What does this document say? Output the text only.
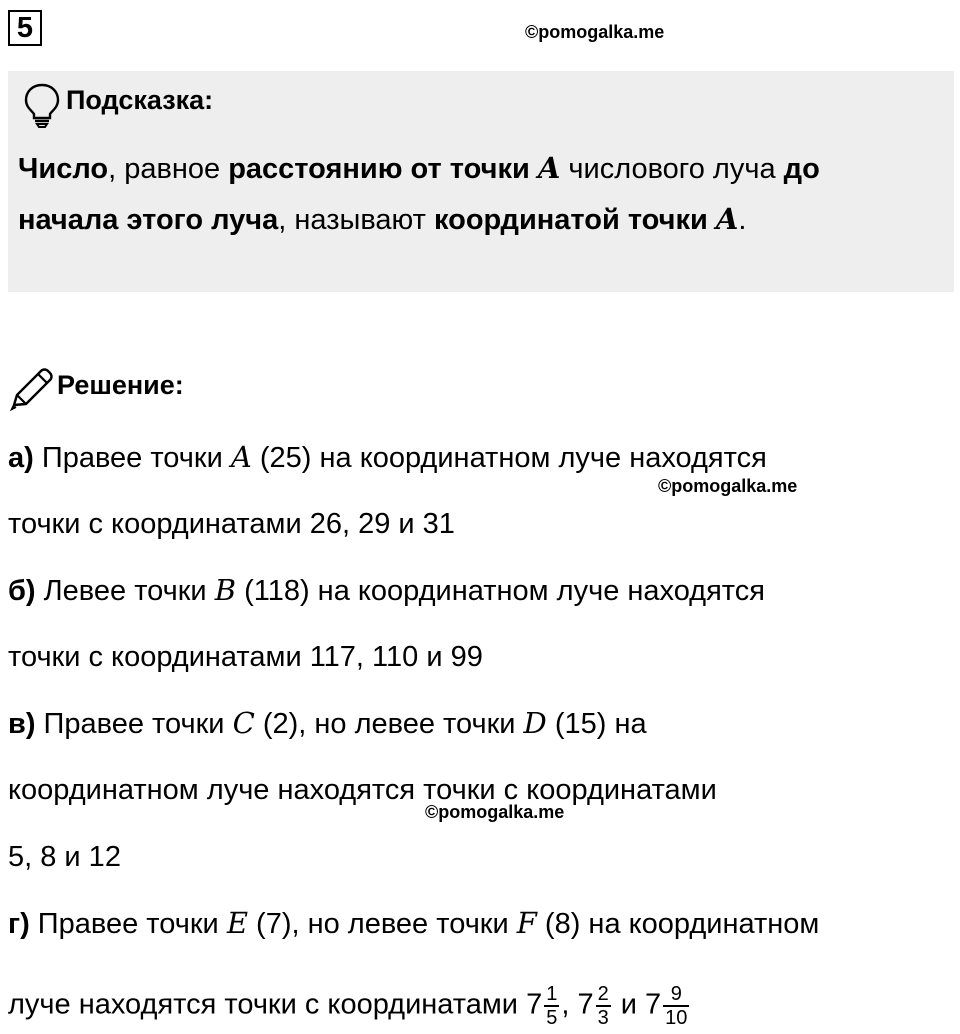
5	©pomogalka.me
Подсказка:
Число, равное расстоянию от точки A числового луча до
начала этого луча, называют координатой точки A.
Решение:
а) Правее точки A (25) на координатном луче находятся
©pomogalka.me
точки с координатами 26, 29 и 31
б) Левее точки B (118) на координатном луче находятся
точки с координатами 117, 110 и 99
в) Правее точки C (2), но левее точки D (15) на
координатном луче находятся точки с координатами
©pomogalka.me
5, 8 и 12
г) Правее точки E (7), но левее точки F (8) на координатном
луче находятся точки с координатами $7 \frac{1}{5}$ , $7 \frac{2}{3}$ и $7 \frac{9}{10}$
